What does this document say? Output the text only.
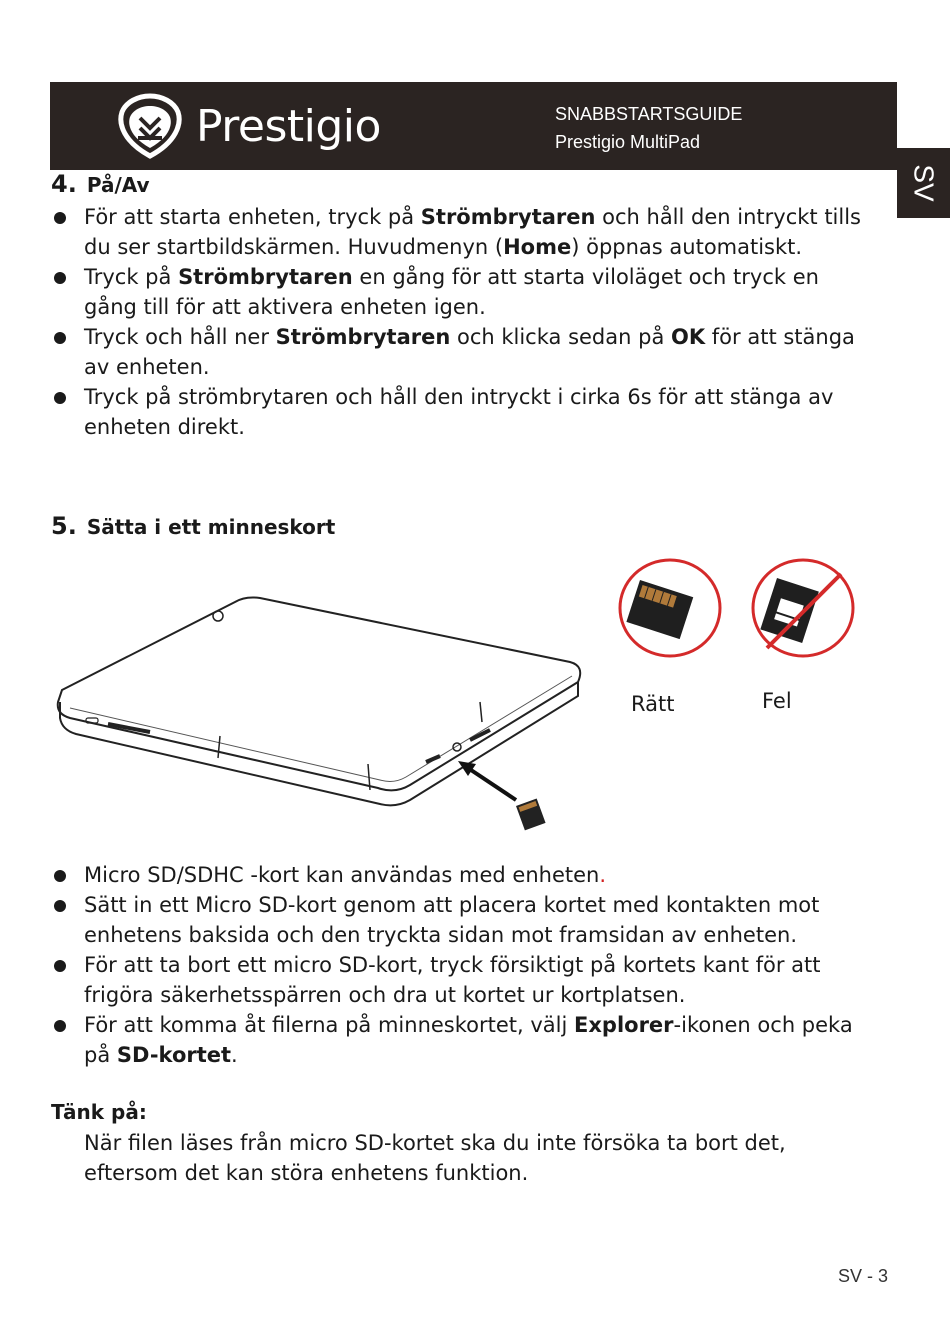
Prestigio	SNABBSTARTSGUIDE
Prestigio MultiPad
SV
4. På/Av
För att starta enheten, tryck på Strömbrytaren och håll den intryckt tills du ser startbildskärmen. Huvudmenyn (Home) öppnas automatiskt.
Tryck på Strömbrytaren en gång för att starta viloläget och tryck en gång till för att aktivera enheten igen.
Tryck och håll ner Strömbrytaren och klicka sedan på OK för att stänga av enheten.
Tryck på strömbrytaren och håll den intryckt i cirka 6s för att stänga av enheten direkt.
5. Sätta i ett minneskort
Rätt	Fel
Micro SD/SDHC -kort kan användas med enheten.
Sätt in ett Micro SD-kort genom att placera kortet med kontakten mot enhetens baksida och den tryckta sidan mot framsidan av enheten.
För att ta bort ett micro SD-kort, tryck försiktigt på kortets kant för att frigöra säkerhetsspärren och dra ut kortet ur kortplatsen.
För att komma åt filerna på minneskortet, välj Explorer-ikonen och peka på SD-kortet.
Tänk på:
När filen läses från micro SD-kortet ska du inte försöka ta bort det, eftersom det kan störa enhetens funktion.
SV - 3
